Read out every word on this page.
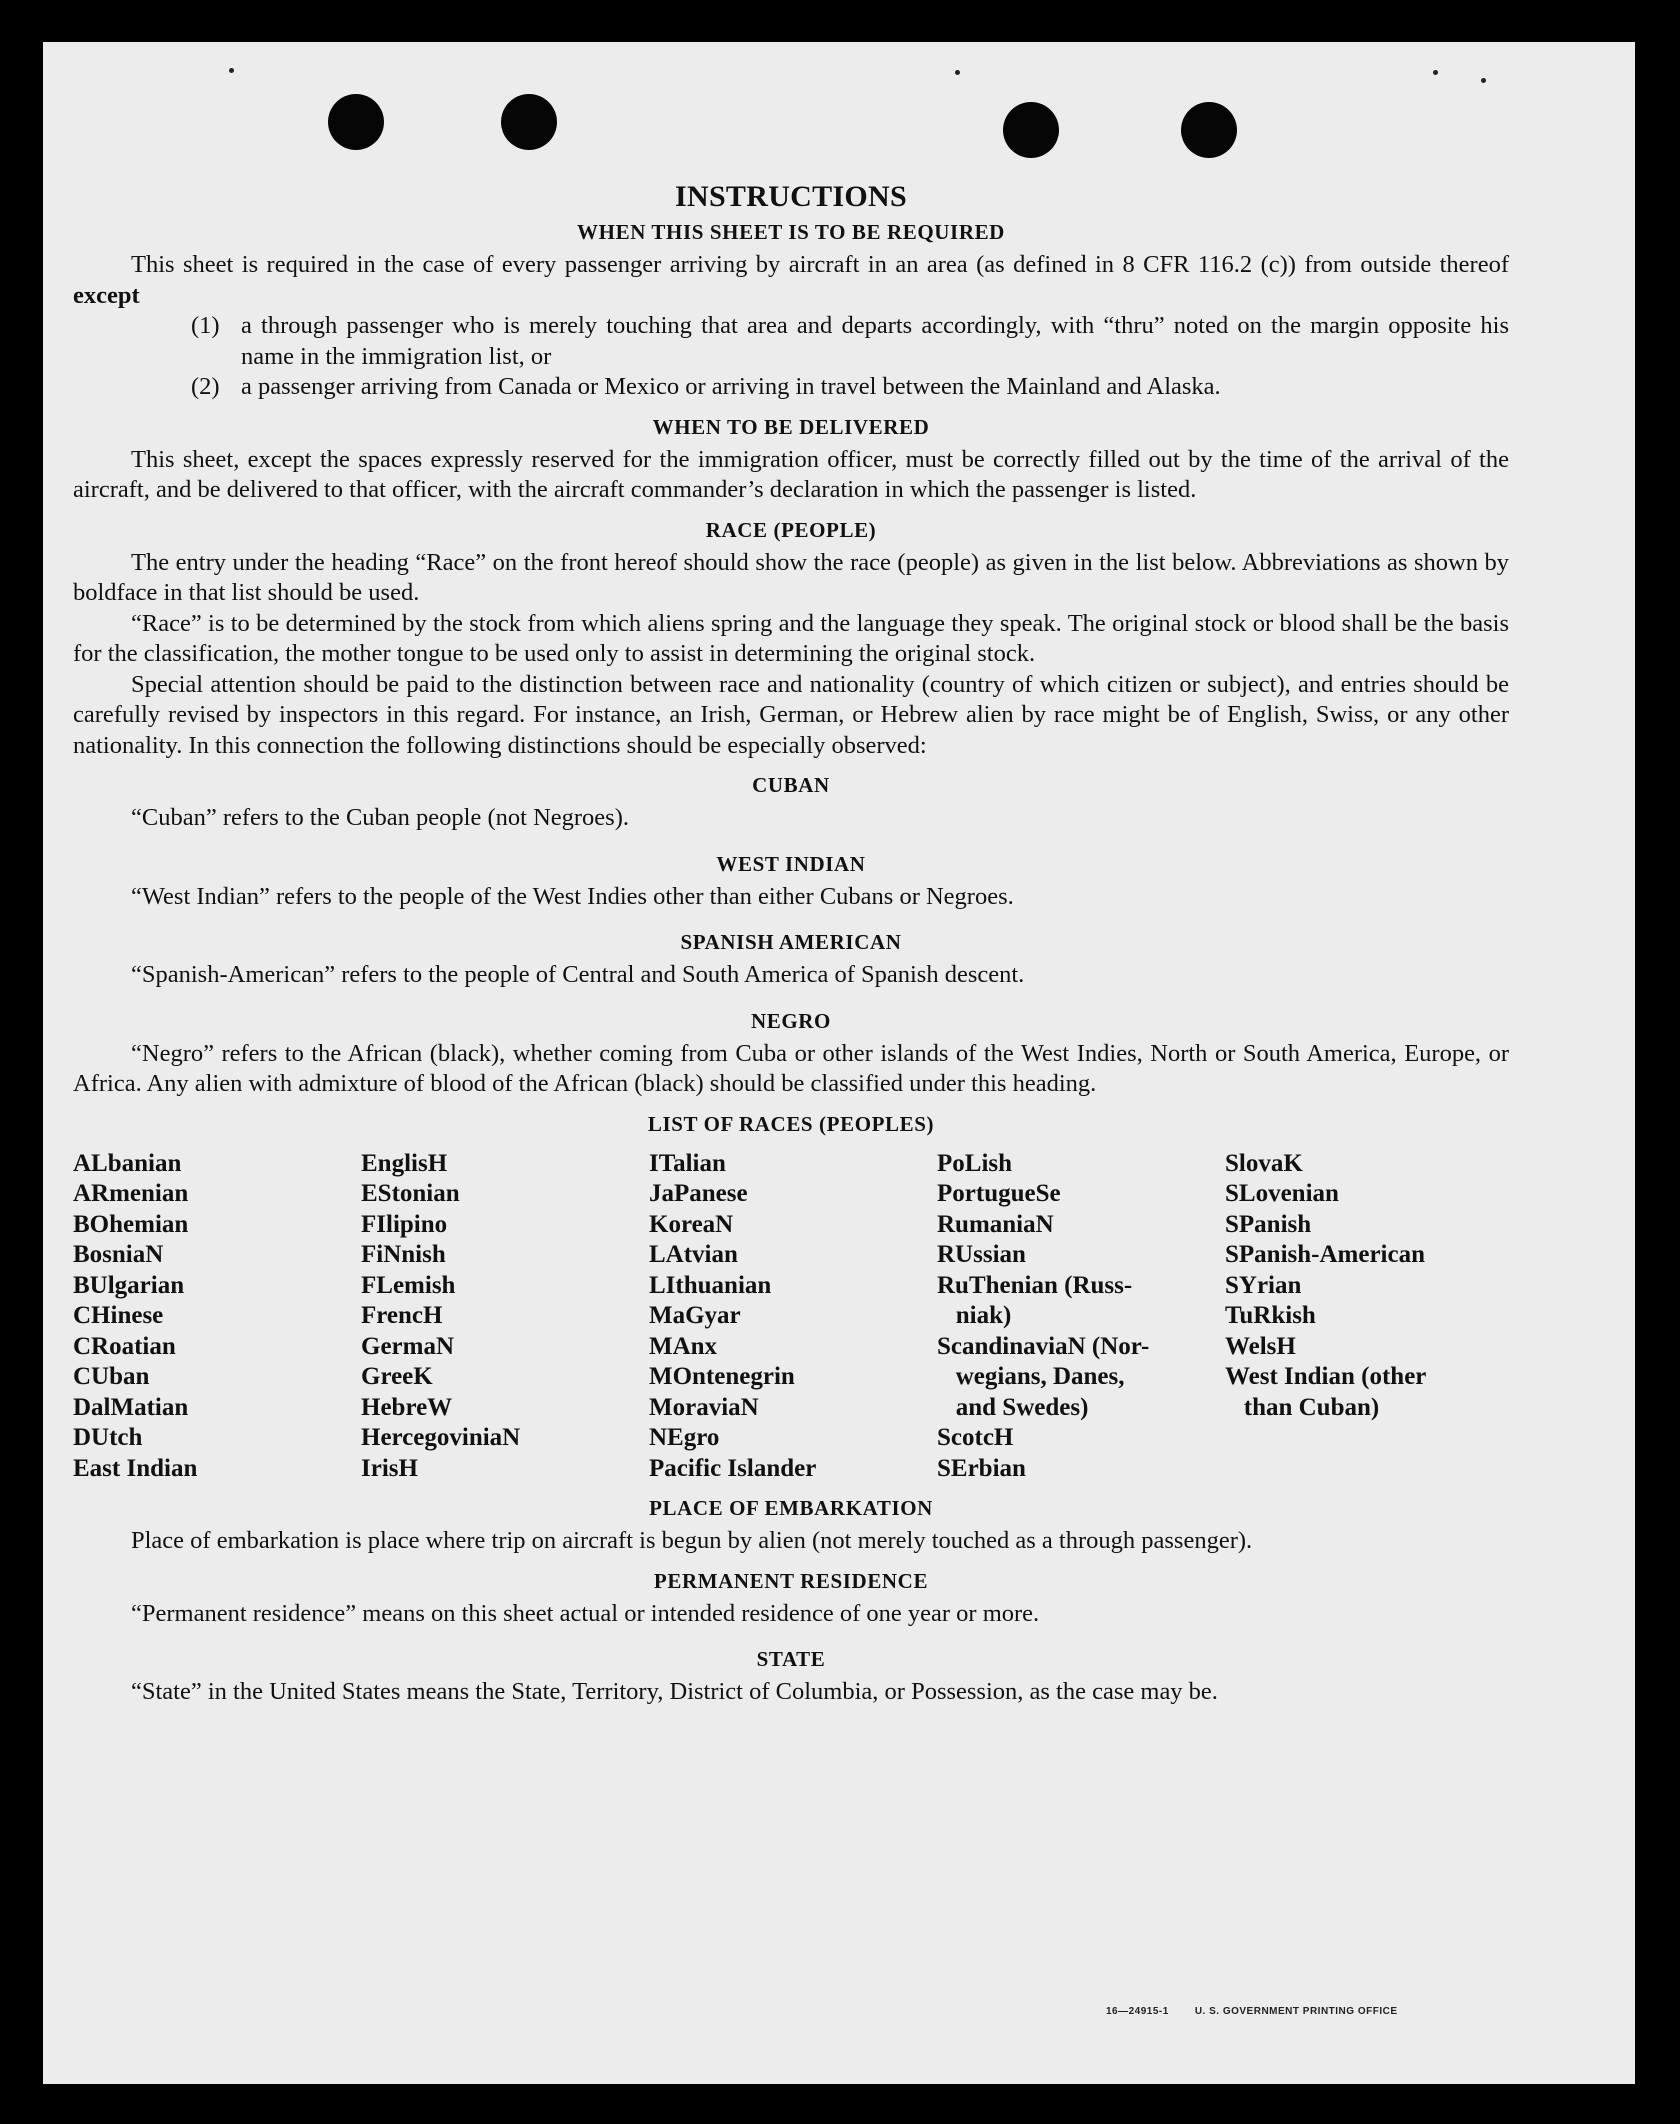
INSTRUCTIONS
WHEN THIS SHEET IS TO BE REQUIRED

This sheet is required in the case of every passenger arriving by aircraft in an area (as defined in 8 CFR 116.2 (c)) from outside thereof except

(1) a through passenger who is merely touching that area and departs accordingly, with “thru” noted on the margin opposite his name in the immigration list, or

(2) a passenger arriving from Canada or Mexico or arriving in travel between the Mainland and Alaska.

WHEN TO BE DELIVERED

This sheet, except the spaces expressly reserved for the immigration officer, must be correctly filled out by the time of the arrival of the aircraft, and be delivered to that officer, with the aircraft commander’s declaration in which the passenger is listed.

RACE (PEOPLE)

The entry under the heading “Race” on the front hereof should show the race (people) as given in the list below. Abbreviations as shown by boldface in that list should be used.

“Race” is to be determined by the stock from which aliens spring and the language they speak. The original stock or blood shall be the basis for the classification, the mother tongue to be used only to assist in determining the original stock.

Special attention should be paid to the distinction between race and nationality (country of which citizen or subject), and entries should be carefully revised by inspectors in this regard. For instance, an Irish, German, or Hebrew alien by race might be of English, Swiss, or any other nationality. In this connection the following distinctions should be especially observed:

CUBAN

“Cuban” refers to the Cuban people (not Negroes).

WEST INDIAN

“West Indian” refers to the people of the West Indies other than either Cubans or Negroes.

SPANISH AMERICAN

“Spanish-American” refers to the people of Central and South America of Spanish descent.

NEGRO

“Negro” refers to the African (black), whether coming from Cuba or other islands of the West Indies, North or South America, Europe, or Africa. Any alien with admixture of blood of the African (black) should be classified under this heading.

LIST OF RACES (PEOPLES)
ALbanian
ARmenian
BOhemian
BosniaN
BUlgarian
CHinese
CRoatian
CUban
DalMatian
DUtch
East Indian
EnglisH
EStonian
FIlipino
FiNnish
FLemish
FrencH
GermaN
GreeK
HebreW
HercegoviniaN
IrisH
ITalian
JaPanese
KoreaN
LAtvian
LIthuanian
MaGyar
MAnx
MOntenegrin
MoraviaN
NEgro
Pacific Islander
PoLish
PortugueSe
RumaniaN
RUssian
RuThenian (Russ-
niak)
ScandinaviaN (Nor-
wegians, Danes,
and Swedes)
ScotcH
SErbian
SlovaK
SLovenian
SPanish
SPanish-American
SYrian
TuRkish
WelsH
West Indian (other
than Cuban)
PLACE OF EMBARKATION

Place of embarkation is place where trip on aircraft is begun by alien (not merely touched as a through passenger).

PERMANENT RESIDENCE

“Permanent residence” means on this sheet actual or intended residence of one year or more.

STATE

“State” in the United States means the State, Territory, District of Columbia, or Possession, as the case may be.

16—24915-1	U. S. GOVERNMENT PRINTING OFFICE
